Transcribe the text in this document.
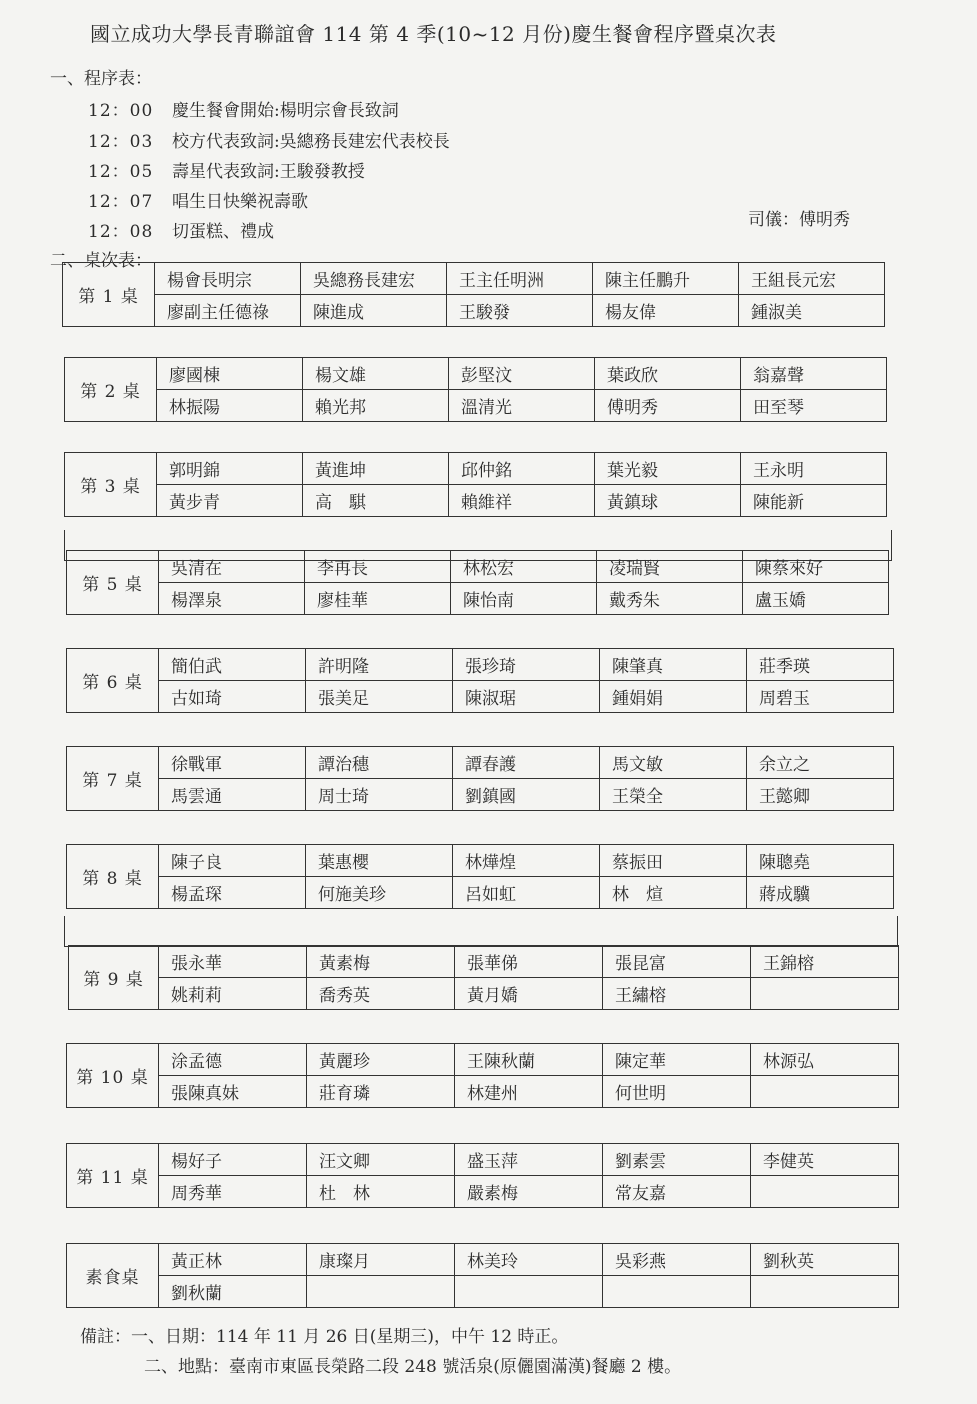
國立成功大學長青聯誼會 114 第 4 季(10~12 月份)慶生餐會程序暨桌次表
一、程序表：
12：00	慶生餐會開始:楊明宗會長致詞
12：03	校方代表致詞:吳總務長建宏代表校長
12：05	壽星代表致詞:王駿發教授
12：07	唱生日快樂祝壽歌
12：08	切蛋糕、禮成
司儀：傅明秀
二、桌次表：
第 1 桌	楊會長明宗	吳總務長建宏	王主任明洲	陳主任鵬升	王組長元宏
	廖副主任德祿	陳進成	王駿發	楊友偉	鍾淑美
第 2 桌	廖國棟	楊文雄	彭堅汶	葉政欣	翁嘉聲
	林振陽	賴光邦	溫清光	傅明秀	田至琴
第 3 桌	郭明錦	黃進坤	邱仲銘	葉光毅	王永明
	黃步青	高　騏	賴維祥	黃鎮球	陳能新
第 5 桌	吳清在	李再長	林松宏	凌瑞賢	陳蔡來好
	楊澤泉	廖桂華	陳怡南	戴秀朱	盧玉嬌
第 6 桌	簡伯武	許明隆	張珍琦	陳肇真	莊季瑛
	古如琦	張美足	陳淑琚	鍾娟娟	周碧玉
第 7 桌	徐戰軍	譚治穗	譚春護	馬文敏	余立之
	馬雲通	周士琦	劉鎮國	王榮全	王懿卿
第 8 桌	陳子良	葉惠櫻	林燁煌	蔡振田	陳聰堯
	楊孟琛	何施美珍	呂如虹	林　煊	蔣成驥
第 9 桌	張永華	黃素梅	張華俤	張昆富	王錦榕
	姚莉莉	喬秀英	黃月嬌	王繡榕	
第 10 桌	涂孟德	黃麗珍	王陳秋蘭	陳定華	林源弘
	張陳真妹	莊育璘	林建州	何世明	
第 11 桌	楊好子	汪文卿	盛玉萍	劉素雲	李健英
	周秀華	杜　林	嚴素梅	常友嘉	
素食桌	黃正林	康璨月	林美玲	吳彩燕	劉秋英
	劉秋蘭				
備註：一、日期：114 年 11 月 26 日(星期三)，中午 12 時正。
二、地點：臺南市東區長榮路二段 248 號活泉(原儷園滿漢)餐廳 2 樓。
